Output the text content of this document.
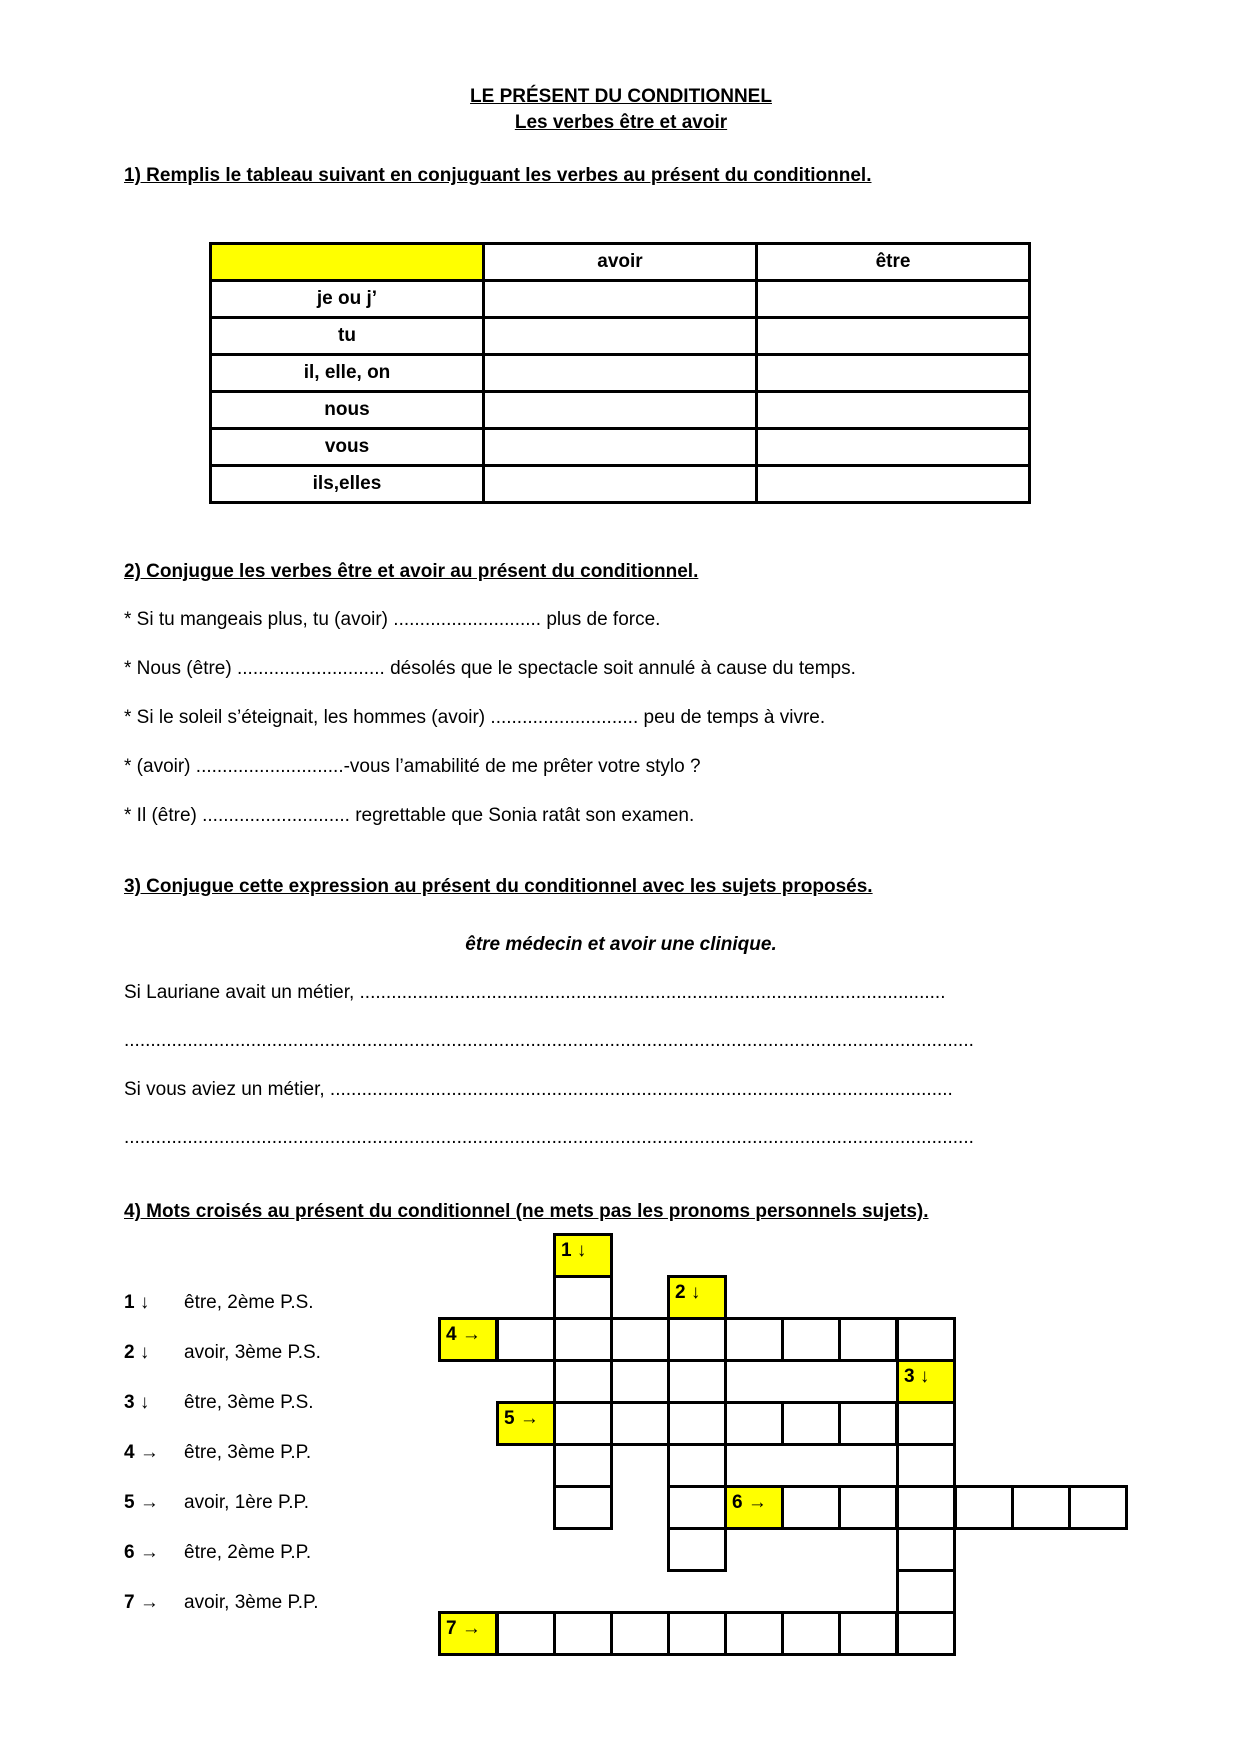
LE PRÉSENT DU CONDITIONNEL
Les verbes être et avoir
1) Remplis le tableau suivant en conjuguant les verbes au présent du conditionnel.
	avoir	être
je ou j’		
tu		
il, elle, on		
nous		
vous		
ils,elles		
2) Conjugue les verbes être et avoir au présent du conditionnel.
* Si tu mangeais plus, tu (avoir) ............................ plus de force.
* Nous (être) ............................ désolés que le spectacle soit annulé à cause du temps.
* Si le soleil s’éteignait, les hommes (avoir) ............................ peu de temps à vivre.
* (avoir) ............................-vous l’amabilité de me prêter votre stylo ?
* Il (être) ............................ regrettable que Sonia ratât son examen.
3) Conjugue cette expression au présent du conditionnel avec les sujets proposés.
être médecin et avoir une clinique.
Si Lauriane avait un métier, ...............................................................................................................
.................................................................................................................................................................
Si vous aviez un métier, ......................................................................................................................
.................................................................................................................................................................
4) Mots croisés au présent du conditionnel (ne mets pas les pronoms personnels sujets).
1 ↓ être, 2ème P.S.
2 ↓ avoir, 3ème P.S.
3 ↓ être, 3ème P.S.
4 → être, 3ème P.P.
5 → avoir, 1ère P.P.
6 → être, 2ème P.P.
7 → avoir, 3ème P.P.
1 ↓
2 ↓
3 ↓
4 →
5 →
6 →
7 →
